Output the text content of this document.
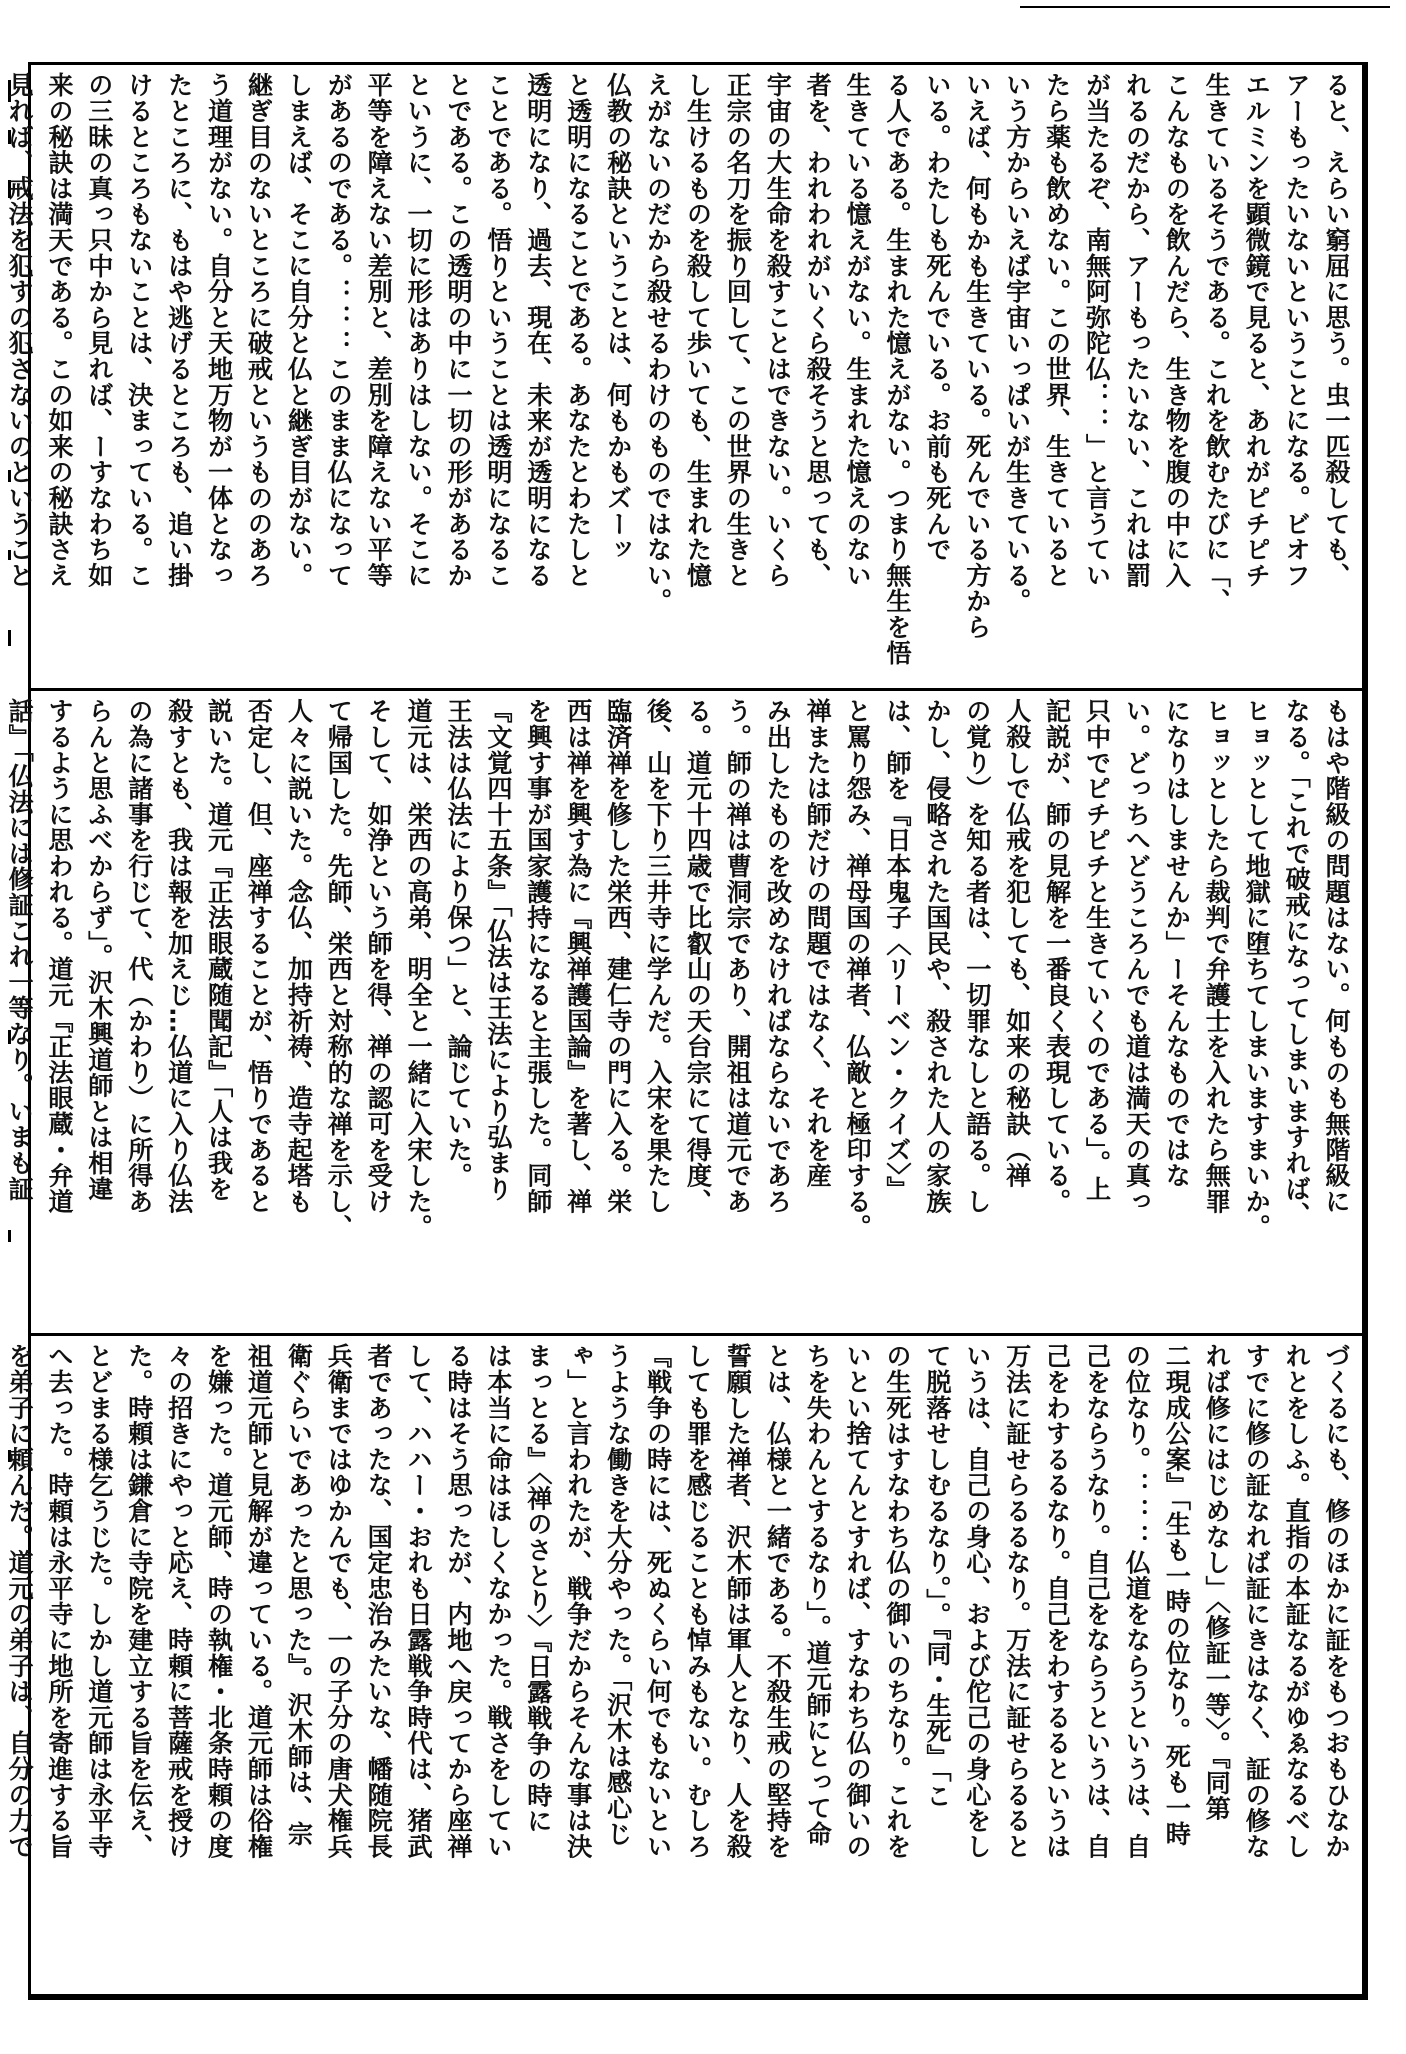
ると、えらい窮屈に思う。虫一匹殺しても、
アーもったいないということになる。ビオフ
エルミンを顕微鏡で見ると、あれがピチピチ
生きているそうである。これを飲むたびに「、
こんなものを飲んだら、生き物を腹の中に入
れるのだから、アーもったいない、これは罰
が当たるぞ、南無阿弥陀仏：：」と言うてい
たら薬も飲めない。この世界、生きていると
いう方からいえば宇宙いっぱいが生きている。
いえば、何もかも生きている。死んでいる方から
いる。わたしも死んでいる。お前も死んで
る人である。生まれた憶えがない。つまり無生を悟
生きている憶えがない。生まれた憶えのない
者を、われわれがいくら殺そうと思っても、
宇宙の大生命を殺すことはできない。いくら
正宗の名刀を振り回して、この世界の生きと
し生けるものを殺して歩いても、生まれた憶
えがないのだから殺せるわけのものではない。
仏教の秘訣ということは、何もかもズーッ
と透明になることである。あなたとわたしと
透明になり、過去、現在、未来が透明になる
ことである。悟りということは透明になるこ
とである。この透明の中に一切の形があるか
というに、一切に形はありはしない。そこに
平等を障えない差別と、差別を障えない平等
があるのである。：：：このまま仏になって
しまえば、そこに自分と仏と継ぎ目がない。
継ぎ目のないところに破戒というもののあろ
う道理がない。自分と天地万物が一体となっ
たところに、もはや逃げるところも、追い掛
けるところもないことは、決まっている。こ
の三昧の真っ只中から見れば、ーすなわち如
来の秘訣は満天である。この如来の秘訣さえ
見れば、戒法を犯すの犯さないのということ

もはや階級の問題はない。何ものも無階級に
なる。「これで破戒になってしまいますれば、
ヒョッとして地獄に堕ちてしまいますまいか。
ヒョッとしたら裁判で弁護士を入れたら無罪
になりはしませんか」ーそんなものではな
い。どっちへどうころんでも道は満天の真っ
只中でピチピチと生きていくのである」。上
記説が、師の見解を一番良く表現している。
人殺しで仏戒を犯しても、如来の秘訣（禅
の覚り）を知る者は、一切罪なしと語る。し
かし、侵略された国民や、殺された人の家族
は、師を『日本鬼子〈リーベン・クイズ〉』
と罵り怨み、禅母国の禅者、仏敵と極印する。
禅または師だけの問題ではなく、それを産
み出したものを改めなければならないであろ
う。師の禅は曹洞宗であり、開祖は道元であ
る。道元十四歳で比叡山の天台宗にて得度、
後、山を下り三井寺に学んだ。入宋を果たし
臨済禅を修した栄西、建仁寺の門に入る。栄
西は禅を興す為に『興禅護国論』を著し、禅
を興す事が国家護持になると主張した。同師
『文覚四十五条』「仏法は王法により弘まり
王法は仏法により保つ」と、論じていた。
道元は、栄西の高弟、明全と一緒に入宋した。
そして、如浄という師を得、禅の認可を受け
て帰国した。先師、栄西と対称的な禅を示し、
人々に説いた。念仏、加持祈祷、造寺起塔も
否定し、但、座禅することが、悟りであると
説いた。道元『正法眼蔵随聞記』「人は我を
殺すとも、我は報を加えじ…仏道に入り仏法
の為に諸事を行じて、代（かわり）に所得あ
らんと思ふべからず」。沢木興道師とは相違
するように思われる。道元『正法眼蔵・弁道
話』「仏法には修証これ一等なり。いまも証

づくるにも、修のほかに証をもつおもひなか
れとをしふ。直指の本証なるがゆゑなるべし
すでに修の証なれば証にきはなく、証の修な
れば修にはじめなし」〈修証一等〉。『同第
二現成公案』「生も一時の位なり。死も一時
の位なり。：：：仏道をならうというは、自
己をならうなり。自己をならうというは、自
己をわするるなり。自己をわするるというは
万法に証せらるるなり。万法に証せらるると
いうは、自己の身心、および佗己の身心をし
て脱落せしむるなり。」。『同・生死』「こ
の生死はすなわち仏の御いのちなり。これを
いとい捨てんとすれば、すなわち仏の御いの
ちを失わんとするなり」。道元師にとって命
とは、仏様と一緒である。不殺生戒の堅持を
誓願した禅者、沢木師は軍人となり、人を殺
しても罪を感じることも悼みもない。むしろ
『戦争の時には、死ぬくらい何でもないとい
うような働きを大分やった。「沢木は感心じ
ゃ」と言われたが、戦争だからそんな事は決
まっとる』〈禅のさとり〉『日露戦争の時に
は本当に命はほしくなかった。戦さをしてい
る時はそう思ったが、内地へ戻ってから座禅
して、ハハー・おれも日露戦争時代は、猪武
者であったな、国定忠治みたいな、幡随院長
兵衛まではゆかんでも、一の子分の唐犬権兵
衛ぐらいであったと思った』。沢木師は、宗
祖道元師と見解が違っている。道元師は俗権
を嫌った。道元師、時の執権・北条時頼の度
々の招きにやっと応え、時頼に菩薩戒を授け
た。時頼は鎌倉に寺院を建立する旨を伝え、
とどまる様乞うじた。しかし道元師は永平寺
へ去った。時頼は永平寺に地所を寄進する旨
を弟子に頼んだ。道元の弟子は、自分の力で
